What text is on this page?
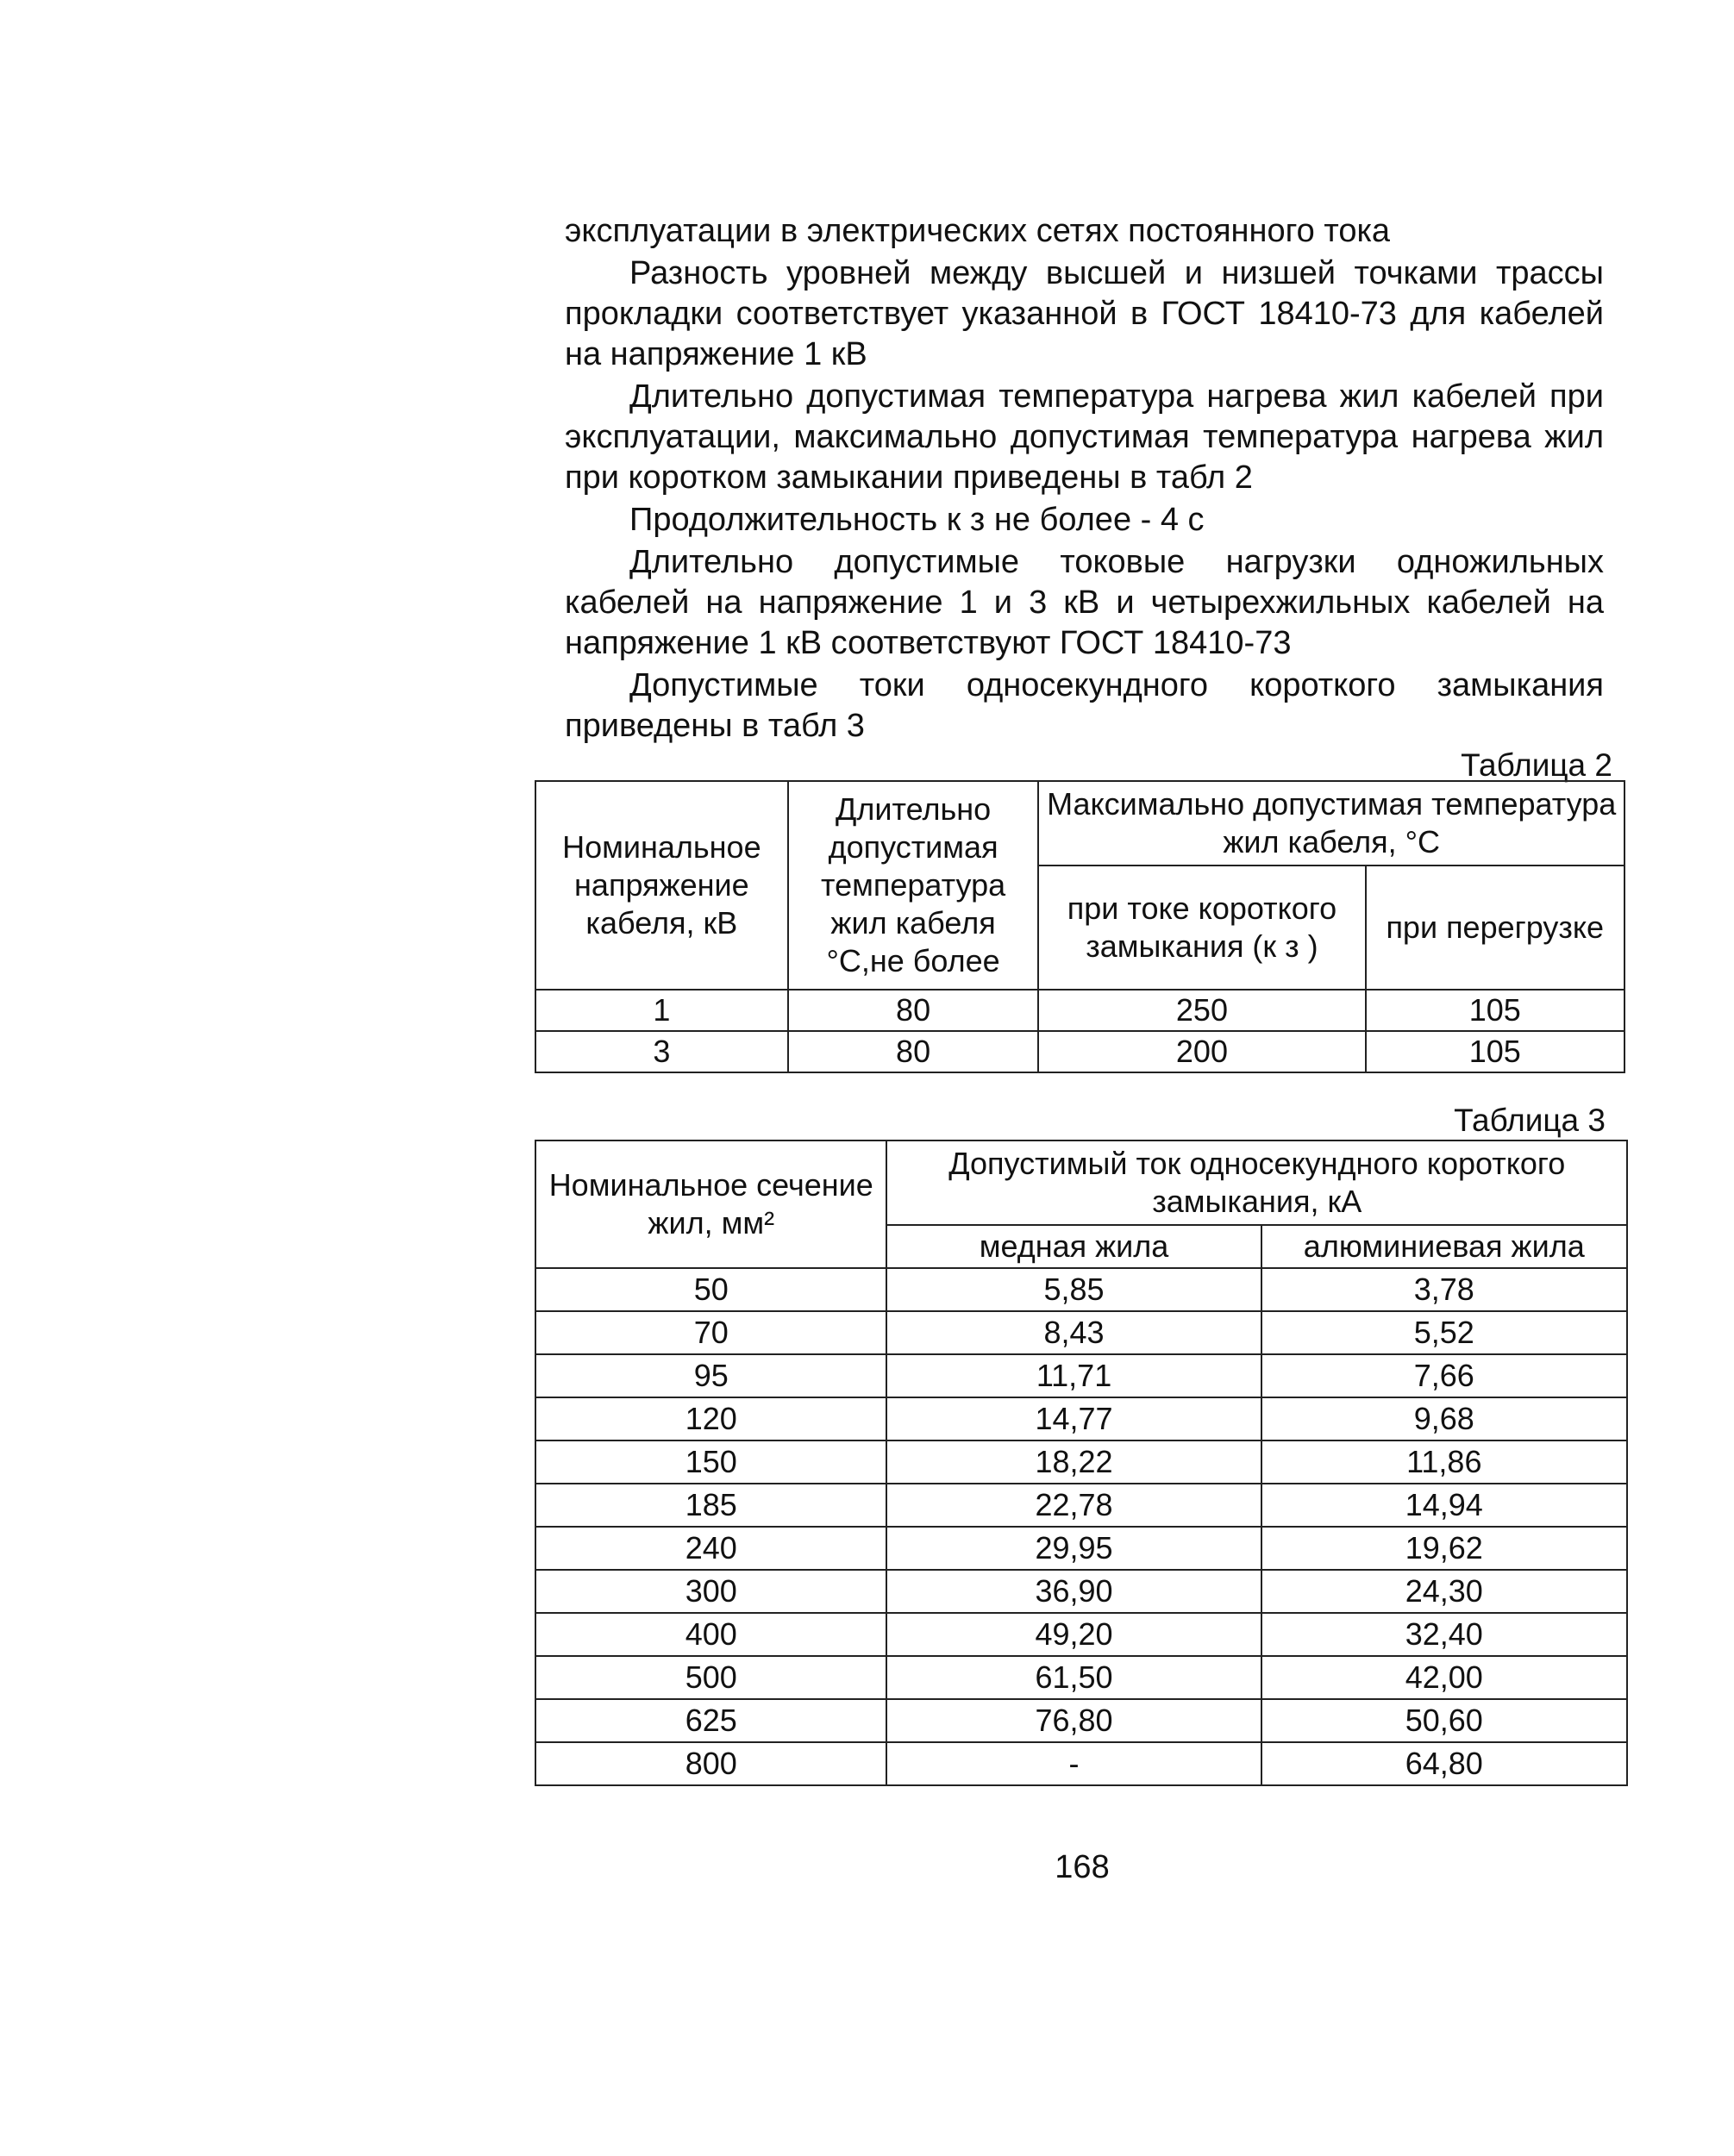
эксплуатации в электрических сетях постоянного тока

Разность уровней между высшей и низшей точками трассы прокладки соответствует указанной в ГОСТ 18410-73 для кабелей на напряжение 1 кВ

Длительно допустимая температура нагрева жил кабелей при эксплуатации, максимально допустимая температура нагрева жил при коротком замыкании приведены в табл 2

Продолжительность к з не более - 4 с

Длительно допустимые токовые нагрузки одножильных кабелей на напряжение 1 и 3 кВ и четырехжильных кабелей на напряжение 1 кВ соответствуют ГОСТ 18410-73

Допустимые токи односекундного короткого замыкания приведены в табл 3

Таблица 2
Номинальное напряжение кабеля, кВ	Длительно допустимая температура жил кабеля °С,не более	Максимально допустимая температура жил кабеля, °С	
		при токе короткого замыкания (к з )	при перегрузке
1	80	250	105
3	80	200	105
Таблица 3
Номинальное сечение жил, мм²	Допустимый ток односекундного короткого замыкания, кА	
	медная жила	алюминиевая жила
50	5,85	3,78
70	8,43	5,52
95	11,71	7,66
120	14,77	9,68
150	18,22	11,86
185	22,78	14,94
240	29,95	19,62
300	36,90	24,30
400	49,20	32,40
500	61,50	42,00
625	76,80	50,60
800	-	64,80
168
